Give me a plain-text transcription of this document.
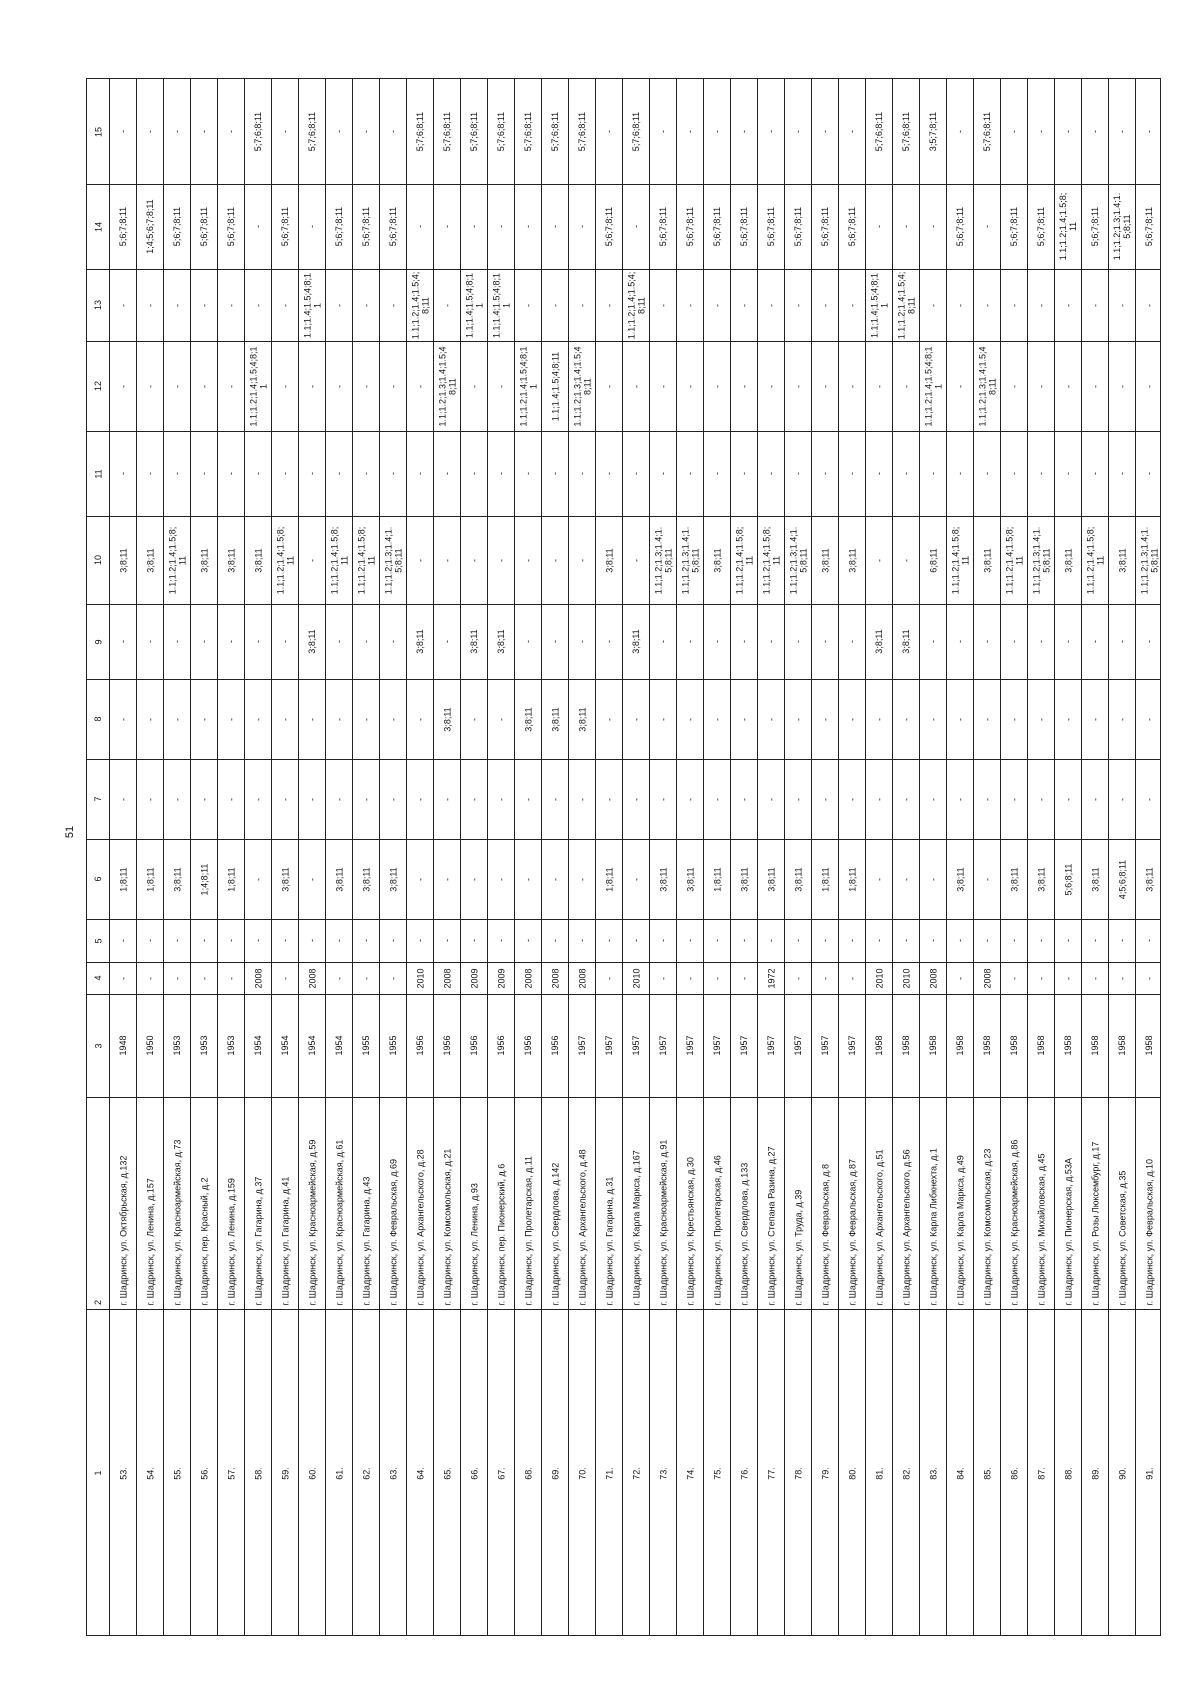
51
1
2
3
4
5
6
7
8
9
10
11
12
13
14
15
53.
г. Шадринск, ул. Октябрьская, д.132
1948
-
-
1;8;11
-
-
-
3;8;11
-
-
-
5;6;7;8;11
-
54.
г. Шадринск, ул. Ленина, д.157
1950
-
-
1;8;11
-
-
-
3;8;11
-
-
-
1;4;5;6;7;8;11
-
55.
г. Шадринск, ул. Красноармейская, д.73
1953
-
-
3;8;11
-
-
-
1.1;1.2;1.4;1.5;8; 11
-
-
-
5;6;7;8;11
-
56.
г. Шадринск, пер. Красный, д.2
1953
-
-
1;4;8;11
-
-
-
3;8;11
-
-
-
5;6;7;8;11
-
57.
г. Шадринск, ул. Ленина, д.159
1953
-
-
1;8;11
-
-
-
3;8;11
-
-
-
5;6;7;8;11
-
58.
г. Шадринск, ул. Гагарина, д.37
1954
2008
-
-
-
-
-
3;8;11
-
1.1;1.2;1.4;1.5;4;8;1 1
-
-
5;7;6;8;11
59.
г. Шадринск, ул. Гагарина, д.41
1954
-
-
3;8;11
-
-
-
1.1;1.2;1.4;1.5;8; 11
-
-
-
5;6;7;8;11
-
60.
г. Шадринск, ул. Красноармейская, д.59
1954
2008
-
-
-
-
3;8;11
-
-
-
1.1;1.4;1.5;4;8;1 1
-
5;7;6;8;11
61.
г. Шадринск, ул. Красноармейская, д.61
1954
-
-
3;8;11
-
-
-
1.1;1.2;1.4;1.5;8; 11
-
-
-
5;6;7;8;11
-
62.
г. Шадринск, ул. Гагарина, д.43
1955
-
-
3;8;11
-
-
-
1.1;1.2;1.4;1.5;8; 11
-
-
-
5;6;7;8;11
-
63.
г. Шадринск, ул. Февральская, д.69
1955
-
-
3;8;11
-
-
-
1.1;1.2;1.3;1.4;1. 5;8;11
-
-
-
5;6;7;8;11
-
64.
г. Шадринск, ул. Архангельского, д.28
1956
2010
-
-
-
-
3;8;11
-
-
-
1.1;1.2;1.4;1.5;4; 8;11
-
5;7;6;8;11
65.
г. Шадринск, ул. Комсомольская, д.21
1956
2008
-
-
-
3;8;11
-
-
-
1.1;1.2;1.3;1.4;1.5;4 8;11
-
-
5;7;6;8;11
66.
г. Шадринск, ул. Ленина, д.93
1956
2009
-
-
-
-
3;8;11
-
-
-
1.1;1.4;1.5;4;8;1 1
-
5;7;6;8;11
67.
г. Шадринск, пер. Пионерский, д.6
1956
2009
-
-
-
-
3;8;11
-
-
-
1.1;1.4;1.5;4;8;1 1
-
5;7;6;8;11
68.
г. Шадринск, ул. Пролетарская, д.11
1956
2008
-
-
-
3;8;11
-
-
-
1.1;1.2;1.4;1.5;4;8;1 1
-
-
5;7;6;8;11
69.
г. Шадринск, ул. Свердлова, д.142
1956
2008
-
-
-
3;8;11
-
-
-
1.1;1.4;1.5;4;8;11
-
-
5;7;6;8;11
70.
г. Шадринск, ул. Архангельского, д.48
1957
2008
-
-
-
3;8;11
-
-
-
1.1;1.2;1.3;1.4;1.5;4 8;11
-
-
5;7;6;8;11
71.
г. Шадринск, ул. Гагарина, д.31
1957
-
-
1;8;11
-
-
-
3;8;11
-
-
-
5;6;7;8;11
-
72.
г. Шадринск, ул. Карла Маркса, д.167
1957
2010
-
-
-
-
3;8;11
-
-
-
1.1;1.2;1.4;1.5;4; 8;11
-
5;7;6;8;11
73.
г. Шадринск, ул. Красноармейская, д.91
1957
-
-
3;8;11
-
-
-
1.1;1.2;1.3;1.4;1. 5;8;11
-
-
-
5;6;7;8;11
-
74.
г. Шадринск, ул. Крестьянская, д.30
1957
-
-
3;8;11
-
-
-
1.1;1.2;1.3;1.4;1. 5;8;11
-
-
-
5;6;7;8;11
-
75.
г. Шадринск, ул. Пролетарская, д.46
1957
-
-
1;8;11
-
-
-
3;8;11
-
-
-
5;6;7;8;11
-
76.
г. Шадринск, ул. Свердлова, д.133
1957
-
-
3;8;11
-
-
-
1.1;1.2;1.4;1.5;8; 11
-
-
-
5;6;7;8;11
-
77.
г. Шадринск, ул. Степана Разина, д.27
1957
1972
-
3;8;11
-
-
-
1.1;1.2;1.4;1.5;8; 11
-
-
-
5;6;7;8;11
-
78.
г. Шадринск, ул. Труда, д.39
1957
-
-
3;8;11
-
-
-
1.1;1.2;1.3;1.4;1. 5;8;11
-
-
-
5;6;7;8;11
-
79.
г. Шадринск, ул. Февральская, д.8
1957
-
-
1;8;11
-
-
-
3;8;11
-
-
-
5;6;7;8;11
-
80.
г. Шадринск, ул. Февральская, д.87
1957
-
-
1;8;11
-
-
-
3;8;11
-
-
-
5;6;7;8;11
-
81.
г. Шадринск, ул. Архангельского, д.51
1958
2010
-
-
-
-
3;8;11
-
-
-
1.1;1.4;1.5;4;8;1 1
-
5;7;6;8;11
82.
г. Шадринск, ул. Архангельского, д.56
1958
2010
-
-
-
-
3;8;11
-
-
-
1.1;1.2;1.4;1.5;4; 8;11
-
5;7;6;8;11
83.
г. Шадринск, ул. Карла Либкнехта, д.1
1958
2008
-
-
-
-
-
6;8;11
-
1.1;1.2;1.4;1.5;4;8;1 1
-
-
3;5;7;8;11
84.
г. Шадринск, ул. Карла Маркса, д.49
1958
-
-
3;8;11
-
-
-
1.1;1.2;1.4;1.5;8; 11
-
-
-
5;6;7;8;11
-
85.
г. Шадринск, ул. Комсомольская, д.23
1958
2008
-
-
-
-
-
3;8;11
-
1.1;1.2;1.3;1.4;1.5;4 8;11
-
-
5;7;6;8;11
86.
г. Шадринск, ул. Красноармейская, д.86
1958
-
-
3;8;11
-
-
-
1.1;1.2;1.4;1.5;8; 11
-
-
-
5;6;7;8;11
-
87.
г. Шадринск, ул. Михайловская, д.45
1958
-
-
3;8;11
-
-
-
1.1;1.2;1.3;1.4;1. 5;8;11
-
-
-
5;6;7;8;11
-
88.
г. Шадринск, ул. Пионерская, д.53А
1958
-
-
5;6;8;11
-
-
-
3;8;11
-
-
-
1.1;1.2;1.4;1.5;8; 11
-
89.
г. Шадринск, ул. Розы Люксембург, д.17
1958
-
-
3;8;11
-
-
-
1.1;1.2;1.4;1.5;8; 11
-
-
-
5;6;7;8;11
-
90.
г. Шадринск, ул. Советская, д.35
1958
-
-
4;5;6;8;11
-
-
-
3;8;11
-
-
-
1.1;1.2;1.3;1.4;1. 5;8;11
-
91.
г. Шадринск, ул. Февральская, д.10
1958
-
-
3;8;11
-
-
-
1.1;1.2;1.3;1.4;1. 5;8;11
-
-
-
5;6;7;8;11
-
